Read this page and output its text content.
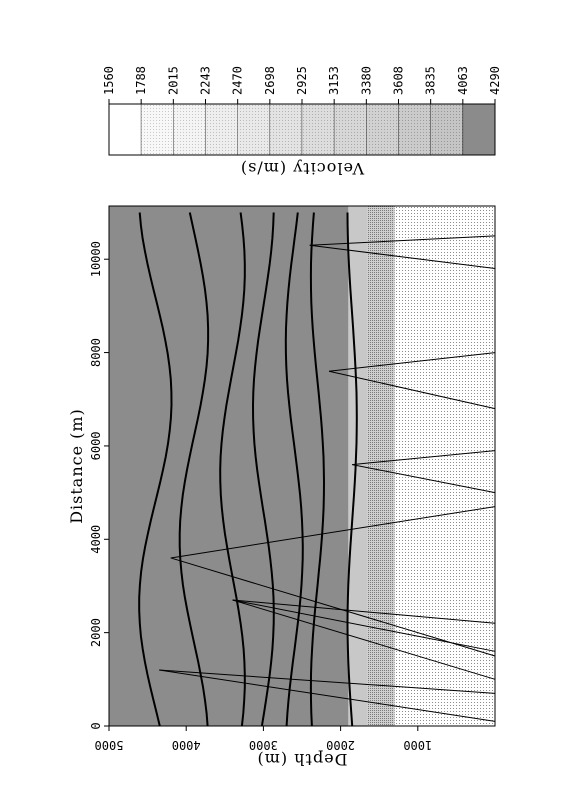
0
2000
4000
6000
8000
10000
Distance (m)
1000
2000
3000
4000
5000
Depth (m)
1560 1788 2015 2243 2470 2698 2925 3153 3380 3608 3835 4063 4290
Velocity (m/s)
